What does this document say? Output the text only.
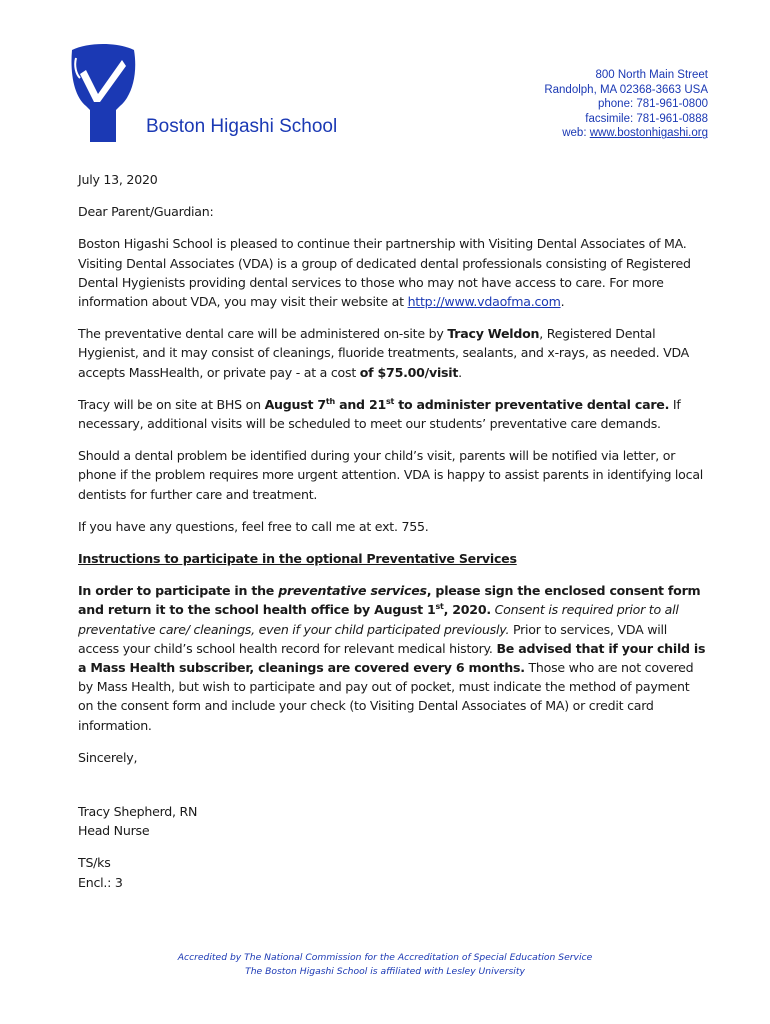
Boston Higashi School
800 North Main Street
Randolph, MA 02368-3663 USA
phone: 781-961-0800
facsimile: 781-961-0888
web: www.bostonhigashi.org

July 13, 2020

Dear Parent/Guardian:

Boston Higashi School is pleased to continue their partnership with Visiting Dental Associates of MA. Visiting Dental Associates (VDA) is a group of dedicated dental professionals consisting of Registered Dental Hygienists providing dental services to those who may not have access to care. For more information about VDA, you may visit their website at http://www.vdaofma.com.

The preventative dental care will be administered on-site by Tracy Weldon, Registered Dental Hygienist, and it may consist of cleanings, fluoride treatments, sealants, and x-rays, as needed. VDA accepts MassHealth, or private pay - at a cost of $75.00/visit.

Tracy will be on site at BHS on August 7th and 21st to administer preventative dental care. If necessary, additional visits will be scheduled to meet our students’ preventative care demands.

Should a dental problem be identified during your child’s visit, parents will be notified via letter, or phone if the problem requires more urgent attention. VDA is happy to assist parents in identifying local dentists for further care and treatment.

If you have any questions, feel free to call me at ext. 755.

Instructions to participate in the optional Preventative Services

In order to participate in the preventative services, please sign the enclosed consent form and return it to the school health office by August 1st, 2020. Consent is required prior to all preventative care/ cleanings, even if your child participated previously. Prior to services, VDA will access your child’s school health record for relevant medical history. Be advised that if your child is a Mass Health subscriber, cleanings are covered every 6 months. Those who are not covered by Mass Health, but wish to participate and pay out of pocket, must indicate the method of payment on the consent form and include your check (to Visiting Dental Associates of MA) or credit card information.

Sincerely,

Tracy Shepherd, RN
Head Nurse

TS/ks
Encl.: 3

Accredited by The National Commission for the Accreditation of Special Education Service
The Boston Higashi School is affiliated with Lesley University
